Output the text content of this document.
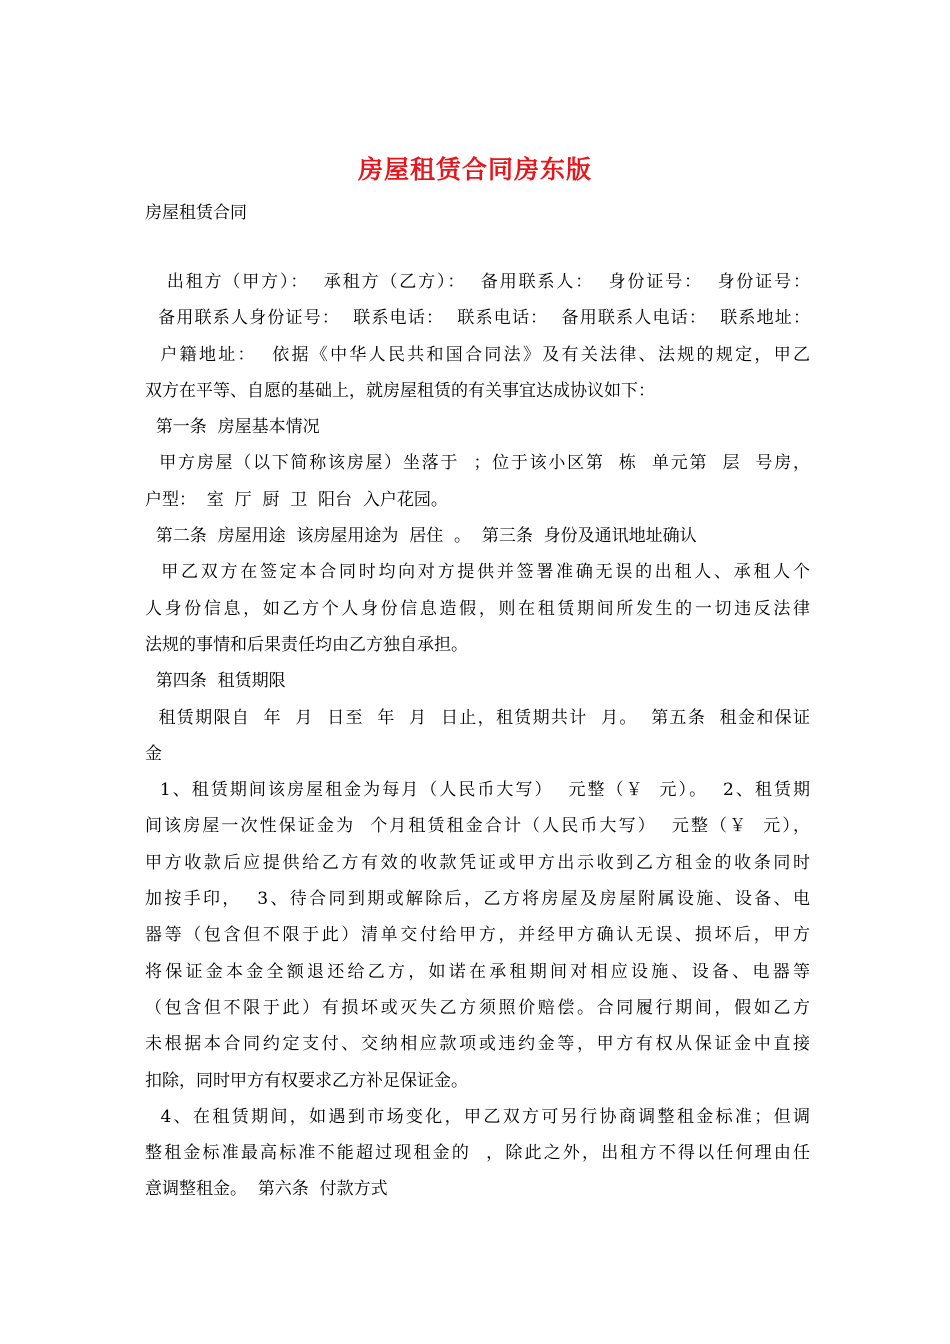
房屋租赁合同房东版
房屋租赁合同
出租方（甲方）：  承租方（乙方）：  备用联系人：  身份证号：  身份证号：
备用联系人身份证号：  联系电话：  联系电话：  备用联系人电话：  联系地址：
户籍地址：  依据《中华人民共和国合同法》及有关法律、法规的规定，甲乙
双方在平等、自愿的基础上，就房屋租赁的有关事宜达成协议如下：
第一条  房屋基本情况
甲方房屋（以下简称该房屋）坐落于  ；位于该小区第  栋  单元第  层  号房，
户型：  室  厅  厨  卫  阳台  入户花园。
第二条  房屋用途  该房屋用途为  居住  。  第三条  身份及通讯地址确认
甲乙双方在签定本合同时均向对方提供并签署准确无误的出租人、承租人个
人身份信息，如乙方个人身份信息造假，则在租赁期间所发生的一切违反法律
法规的事情和后果责任均由乙方独自承担。
第四条  租赁期限
租赁期限自  年  月  日至  年  月  日止，租赁期共计  月。  第五条  租金和保证
金
1、租赁期间该房屋租金为每月（人民币大写）  元整（￥  元）。  2、租赁期
间该房屋一次性保证金为  个月租赁租金合计（人民币大写）  元整（￥  元），
甲方收款后应提供给乙方有效的收款凭证或甲方出示收到乙方租金的收条同时
加按手印，  3、待合同到期或解除后，乙方将房屋及房屋附属设施、设备、电
器等（包含但不限于此）清单交付给甲方，并经甲方确认无误、损坏后，甲方
将保证金本金全额退还给乙方，如诺在承租期间对相应设施、设备、电器等
（包含但不限于此）有损坏或灭失乙方须照价赔偿。合同履行期间，假如乙方
未根据本合同约定支付、交纳相应款项或违约金等，甲方有权从保证金中直接
扣除，同时甲方有权要求乙方补足保证金。
4、在租赁期间，如遇到市场变化，甲乙双方可另行协商调整租金标准；但调
整租金标准最高标准不能超过现租金的  ，除此之外，出租方不得以任何理由任
意调整租金。  第六条  付款方式
